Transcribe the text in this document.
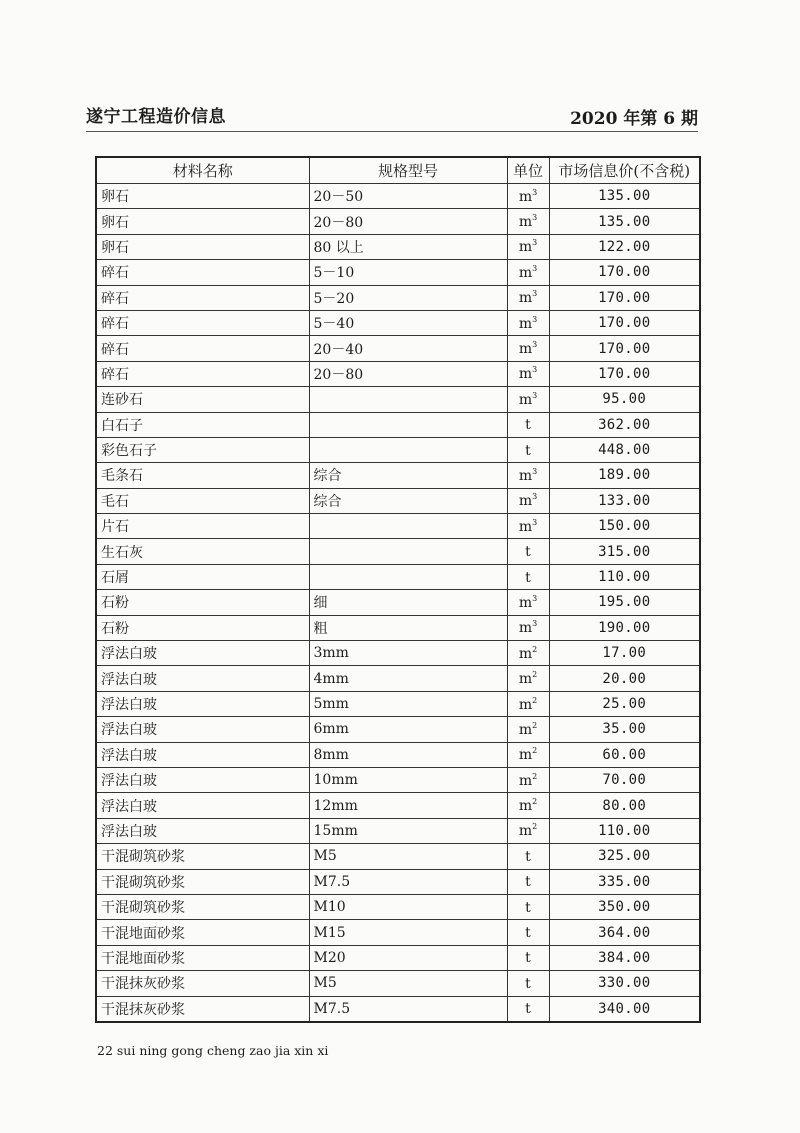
遂宁工程造价信息	2020 年第 6 期
材料名称	规格型号	单位	市场信息价(不含税)
卵石	20－50	$m^3$	135.00
卵石	20－80	$m^3$	135.00
卵石	80 以上	$m^3$	122.00
碎石	5－10	$m^3$	170.00
碎石	5－20	$m^3$	170.00
碎石	5－40	$m^3$	170.00
碎石	20－40	$m^3$	170.00
碎石	20－80	$m^3$	170.00
连砂石		$m^3$	95.00
白石子		t	362.00
彩色石子		t	448.00
毛条石	综合	$m^3$	189.00
毛石	综合	$m^3$	133.00
片石		$m^3$	150.00
生石灰		t	315.00
石屑		t	110.00
石粉	细	$m^3$	195.00
石粉	粗	$m^3$	190.00
浮法白玻	3mm	$m^2$	17.00
浮法白玻	4mm	$m^2$	20.00
浮法白玻	5mm	$m^2$	25.00
浮法白玻	6mm	$m^2$	35.00
浮法白玻	8mm	$m^2$	60.00
浮法白玻	10mm	$m^2$	70.00
浮法白玻	12mm	$m^2$	80.00
浮法白玻	15mm	$m^2$	110.00
干混砌筑砂浆	M5	t	325.00
干混砌筑砂浆	M7.5	t	335.00
干混砌筑砂浆	M10	t	350.00
干混地面砂浆	M15	t	364.00
干混地面砂浆	M20	t	384.00
干混抹灰砂浆	M5	t	330.00
干混抹灰砂浆	M7.5	t	340.00
22 sui ning gong cheng zao jia xin xi
